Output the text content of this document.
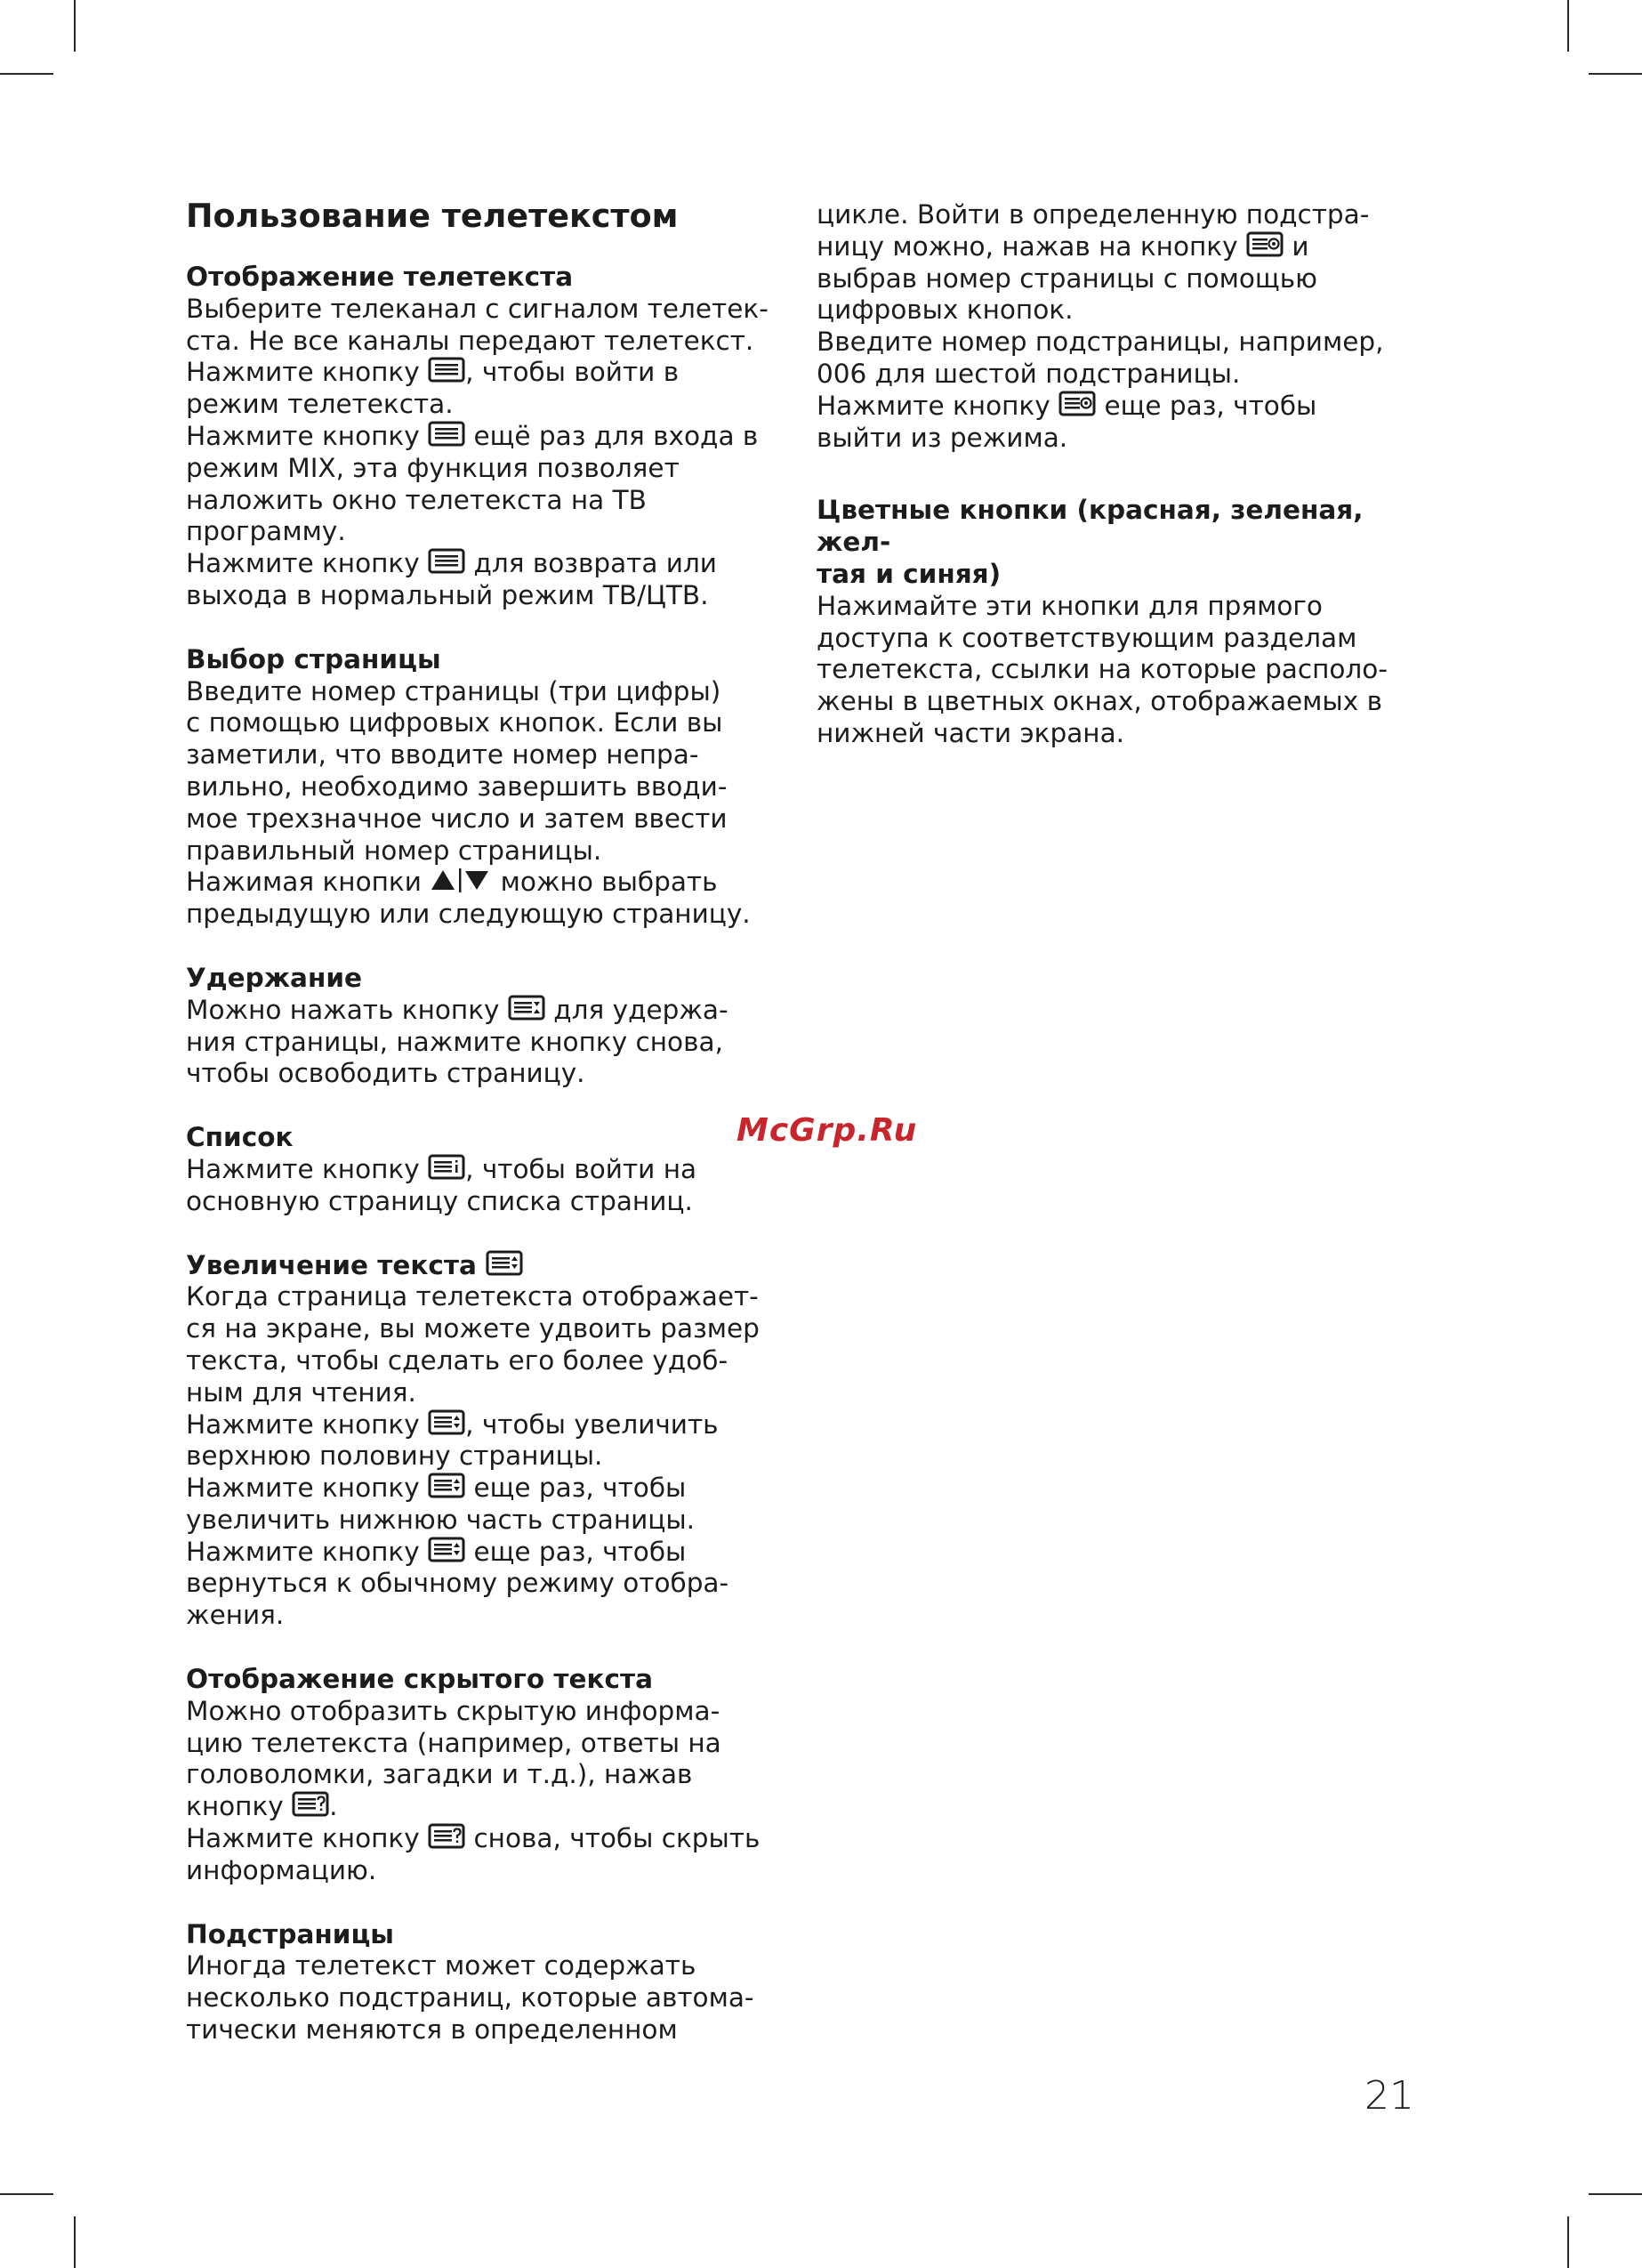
Пользование телетекстом
Отображение телетекста
Выберите телеканал с сигналом телетек-
ста. Не все каналы передают телетекст.
Нажмите кнопку
, чтобы войти в
режим телетекста.
Нажмите кнопку
ещё раз для входа в
режим MIX, эта функция позволяет
наложить окно телетекста на ТВ
программу.
Нажмите кнопку
для возврата или
выхода в нормальный режим ТВ/ЦТВ.
Выбор страницы
Введите номер страницы (три цифры)
с помощью цифровых кнопок. Если вы
заметили, что вводите номер непра-
вильно, необходимо завершить вводи-
мое трехзначное число и затем ввести
правильный номер страницы.
Нажимая кнопки
можно выбрать
предыдущую или следующую страницу.
Удержание
Можно нажать кнопку
для удержа-
ния страницы, нажмите кнопку снова,
чтобы освободить страницу.
Список
Нажмите кнопку
, чтобы войти на
основную страницу списка страниц.
Увеличение текста
Когда страница телетекста отображает-
ся на экране, вы можете удвоить размер
текста, чтобы сделать его более удоб-
ным для чтения.
Нажмите кнопку
, чтобы увеличить
верхнюю половину страницы.
Нажмите кнопку
еще раз, чтобы
увеличить нижнюю часть страницы.
Нажмите кнопку
еще раз, чтобы
вернуться к обычному режиму отобра-
жения.
Отображение скрытого текста
Можно отобразить скрытую информа-
цию телетекста (например, ответы на
головоломки, загадки и т.д.), нажав
кнопку
.
Нажмите кнопку
снова, чтобы скрыть
информацию.
Подстраницы
Иногда телетекст может содержать
несколько подстраниц, которые автома-
тически меняются в определенном
цикле. Войти в определенную подстра-
ницу можно, нажав на кнопку
и
выбрав номер страницы с помощью
цифровых кнопок.
Введите номер подстраницы, например,
006 для шестой подстраницы.
Нажмите кнопку
еще раз, чтобы
выйти из режима.
Цветные кнопки (красная, зеленая, жел-
тая и синяя)
Нажимайте эти кнопки для прямого
доступа к соответствующим разделам
телетекста, ссылки на которые располо-
жены в цветных окнах, отображаемых в
нижней части экрана.
McGrp.Ru
21
